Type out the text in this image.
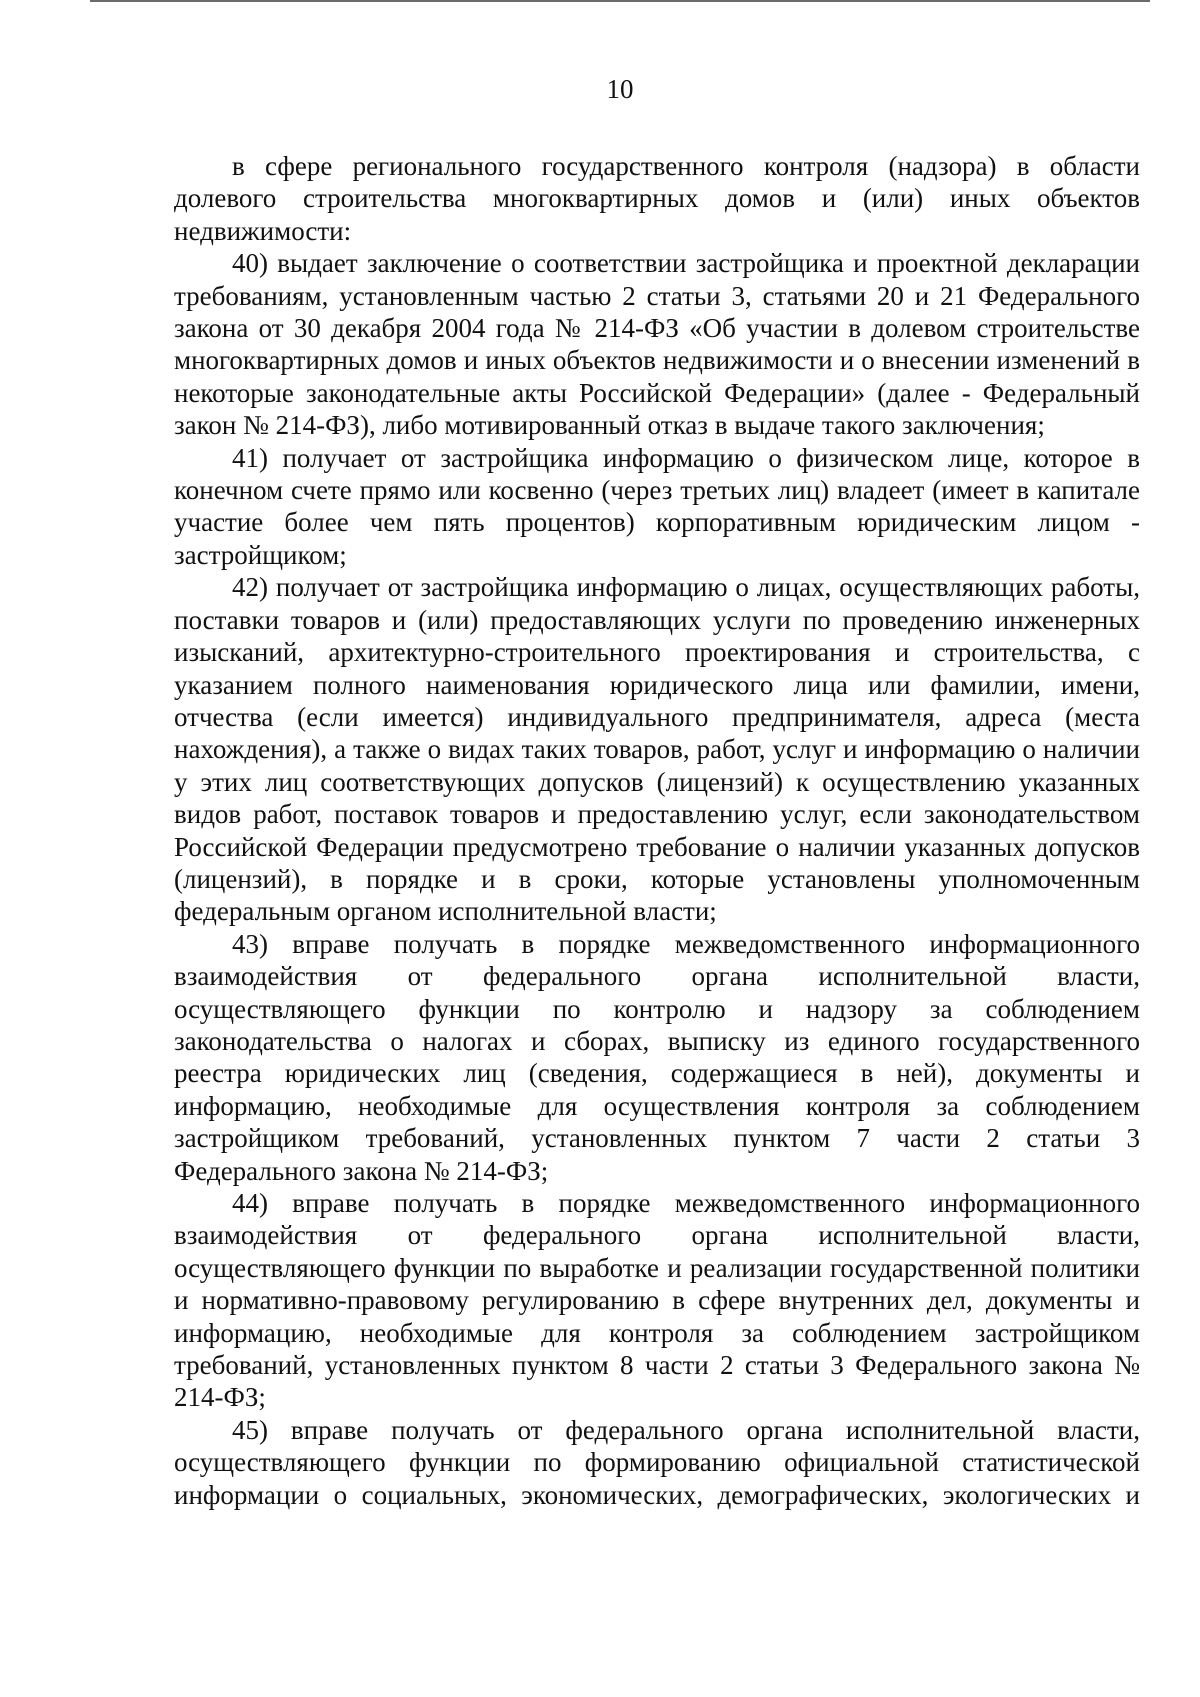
10

в сфере регионального государственного контроля (надзора) в области долевого строительства многоквартирных домов и (или) иных объектов недвижимости:

40) выдает заключение о соответствии застройщика и проектной декларации требованиям, установленным частью 2 статьи 3, статьями 20 и 21 Федерального закона от 30 декабря 2004 года № 214-ФЗ «Об участии в долевом строительстве многоквартирных домов и иных объектов недвижимости и о внесении изменений в некоторые законодательные акты Российской Федерации» (далее - Федеральный закон № 214-ФЗ), либо мотивированный отказ в выдаче такого заключения;

41) получает от застройщика информацию о физическом лице, которое в конечном счете прямо или косвенно (через третьих лиц) владеет (имеет в капитале участие более чем пять процентов) корпоративным юридическим лицом - застройщиком;

42) получает от застройщика информацию о лицах, осуществляющих работы, поставки товаров и (или) предоставляющих услуги по проведению инженерных изысканий, архитектурно-строительного проектирования и строительства, с указанием полного наименования юридического лица или фамилии, имени, отчества (если имеется) индивидуального предпринимателя, адреса (места нахождения), а также о видах таких товаров, работ, услуг и информацию о наличии у этих лиц соответствующих допусков (лицензий) к осуществлению указанных видов работ, поставок товаров и предоставлению услуг, если законодательством Российской Федерации предусмотрено требование о наличии указанных допусков (лицензий), в порядке и в сроки, которые установлены уполномоченным федеральным органом исполнительной власти;

43) вправе получать в порядке межведомственного информационного взаимодействия от федерального органа исполнительной власти, осуществляющего функции по контролю и надзору за соблюдением законодательства о налогах и сборах, выписку из единого государственного реестра юридических лиц (сведения, содержащиеся в ней), документы и информацию, необходимые для осуществления контроля за соблюдением застройщиком требований, установленных пунктом 7 части 2 статьи 3 Федерального закона № 214-ФЗ;

44) вправе получать в порядке межведомственного информационного взаимодействия от федерального органа исполнительной власти, осуществляющего функции по выработке и реализации государственной политики и нормативно-правовому регулированию в сфере внутренних дел, документы и информацию, необходимые для контроля за соблюдением застройщиком требований, установленных пунктом 8 части 2 статьи 3 Федерального закона № 214-ФЗ;

45) вправе получать от федерального органа исполнительной власти, осуществляющего функции по формированию официальной статистической информации о социальных, экономических, демографических, экологических и
